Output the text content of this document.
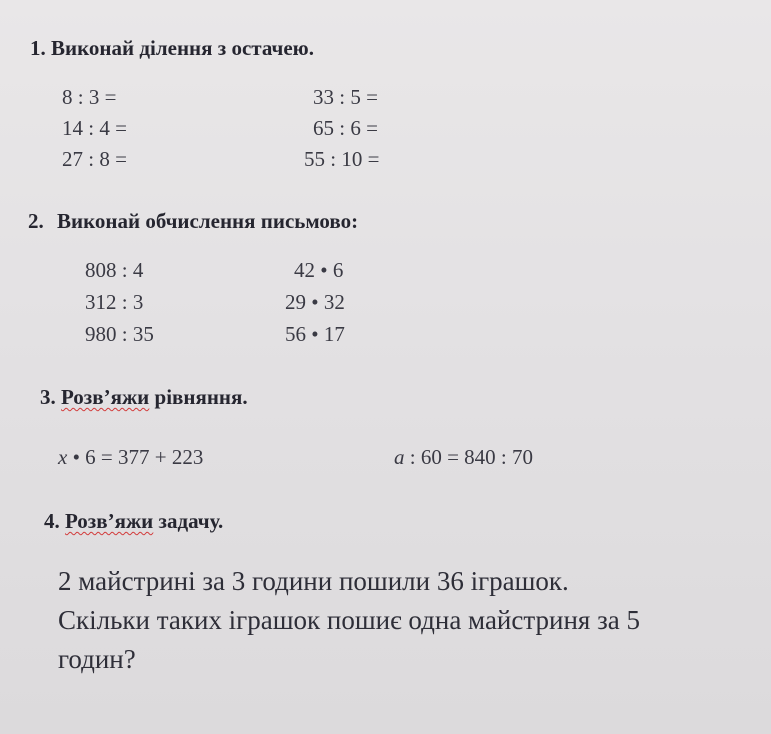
1. Виконай ділення з остачею.
8 : 3 =
14 : 4 =
27 : 8 =
33 : 5 =
65 : 6 =
55 : 10 =
2. Виконай обчислення письмово:
808 : 4
312 : 3
980 : 35
42 • 6
29 • 32
56 • 17
3. Розв’яжи рівняння.
x • 6 = 377 + 223	a : 60 = 840 : 70
4. Розв’яжи задачу.
2 майстрині за 3 години пошили 36 іграшок.
Скільки таких іграшок пошиє одна майстриня за 5
годин?
